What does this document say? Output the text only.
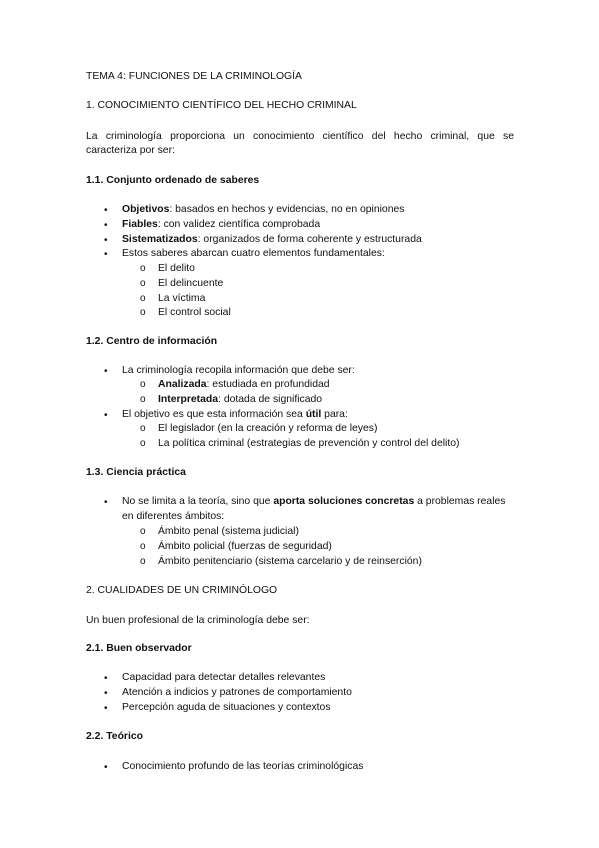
TEMA 4: FUNCIONES DE LA CRIMINOLOGÍA
1. CONOCIMIENTO CIENTÍFICO DEL HECHO CRIMINAL
La criminología proporciona un conocimiento científico del hecho criminal, que se
caracteriza por ser:
1.1. Conjunto ordenado de saberes
• Objetivos: basados en hechos y evidencias, no en opiniones
• Fiables: con validez científica comprobada
• Sistematizados: organizados de forma coherente y estructurada
• Estos saberes abarcan cuatro elementos fundamentales:
o El delito
o El delincuente
o La víctima
o El control social
1.2. Centro de información
• La criminología recopila información que debe ser:
o Analizada: estudiada en profundidad
o Interpretada: dotada de significado
• El objetivo es que esta información sea útil para:
o El legislador (en la creación y reforma de leyes)
o La política criminal (estrategias de prevención y control del delito)
1.3. Ciencia práctica
• No se limita a la teoría, sino que aporta soluciones concretas a problemas reales
en diferentes ámbitos:
o Ámbito penal (sistema judicial)
o Ámbito policial (fuerzas de seguridad)
o Ámbito penitenciario (sistema carcelario y de reinserción)
2. CUALIDADES DE UN CRIMINÓLOGO
Un buen profesional de la criminología debe ser:
2.1. Buen observador
• Capacidad para detectar detalles relevantes
• Atención a indicios y patrones de comportamiento
• Percepción aguda de situaciones y contextos
2.2. Teórico
• Conocimiento profundo de las teorías criminológicas
